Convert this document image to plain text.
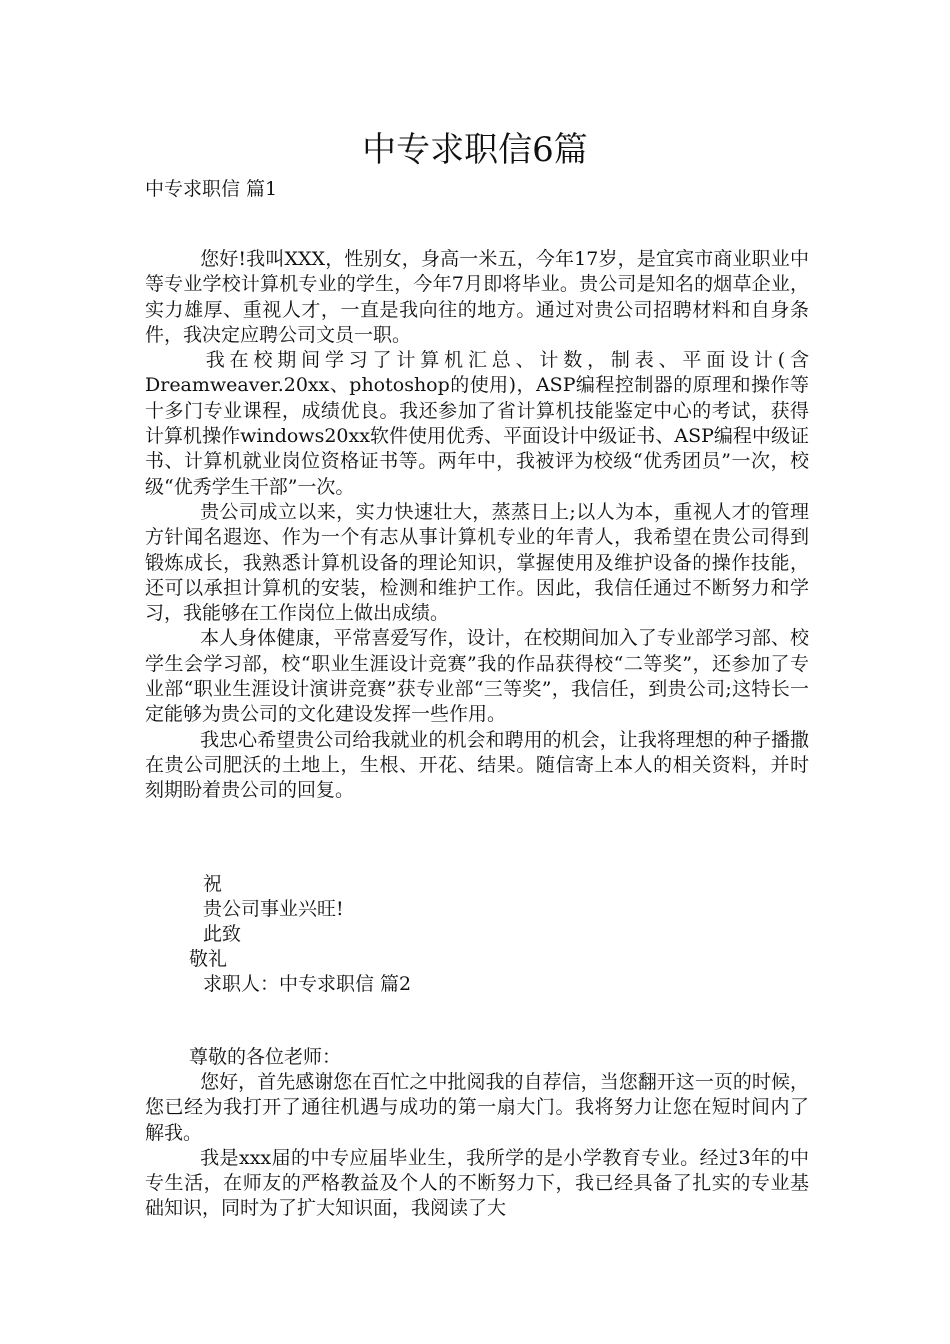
中专求职信6篇
中专求职信 篇1

您好!我叫XXX，性别女，身高一米五，今年17岁，是宜宾市商业职业中等专业学校计算机专业的学生，今年7月即将毕业。贵公司是知名的烟草企业，实力雄厚、重视人才，一直是我向往的地方。通过对贵公司招聘材料和自身条件，我决定应聘公司文员一职。

我在校期间学习了计算机汇总、计数，制表、平面设计(含Dreamweaver.20xx、photoshop的使用)，ASP编程控制器的原理和操作等十多门专业课程，成绩优良。我还参加了省计算机技能鉴定中心的考试，获得计算机操作windows20xx软件使用优秀、平面设计中级证书、ASP编程中级证书、计算机就业岗位资格证书等。两年中，我被评为校级“优秀团员”一次，校级“优秀学生干部”一次。

贵公司成立以来，实力快速壮大，蒸蒸日上;以人为本，重视人才的管理方针闻名遐迩、作为一个有志从事计算机专业的年青人，我希望在贵公司得到锻炼成长，我熟悉计算机设备的理论知识，掌握使用及维护设备的操作技能，还可以承担计算机的安装，检测和维护工作。因此，我信任通过不断努力和学习，我能够在工作岗位上做出成绩。

本人身体健康，平常喜爱写作，设计，在校期间加入了专业部学习部、校学生会学习部，校“职业生涯设计竞赛”我的作品获得校“二等奖”，还参加了专业部“职业生涯设计演讲竞赛”获专业部“三等奖”，我信任，到贵公司;这特长一定能够为贵公司的文化建设发挥一些作用。

我忠心希望贵公司给我就业的机会和聘用的机会，让我将理想的种子播撒在贵公司肥沃的土地上，生根、开花、结果。随信寄上本人的相关资料，并时刻期盼着贵公司的回复。

祝
贵公司事业兴旺!
此致
敬礼
求职人：中专求职信 篇2
尊敬的各位老师：

您好，首先感谢您在百忙之中批阅我的自荐信，当您翻开这一页的时候，您已经为我打开了通往机遇与成功的第一扇大门。我将努力让您在短时间内了解我。

我是xxx届的中专应届毕业生，我所学的是小学教育专业。经过3年的中专生活，在师友的严格教益及个人的不断努力下，我已经具备了扎实的专业基础知识，同时为了扩大知识面，我阅读了大
